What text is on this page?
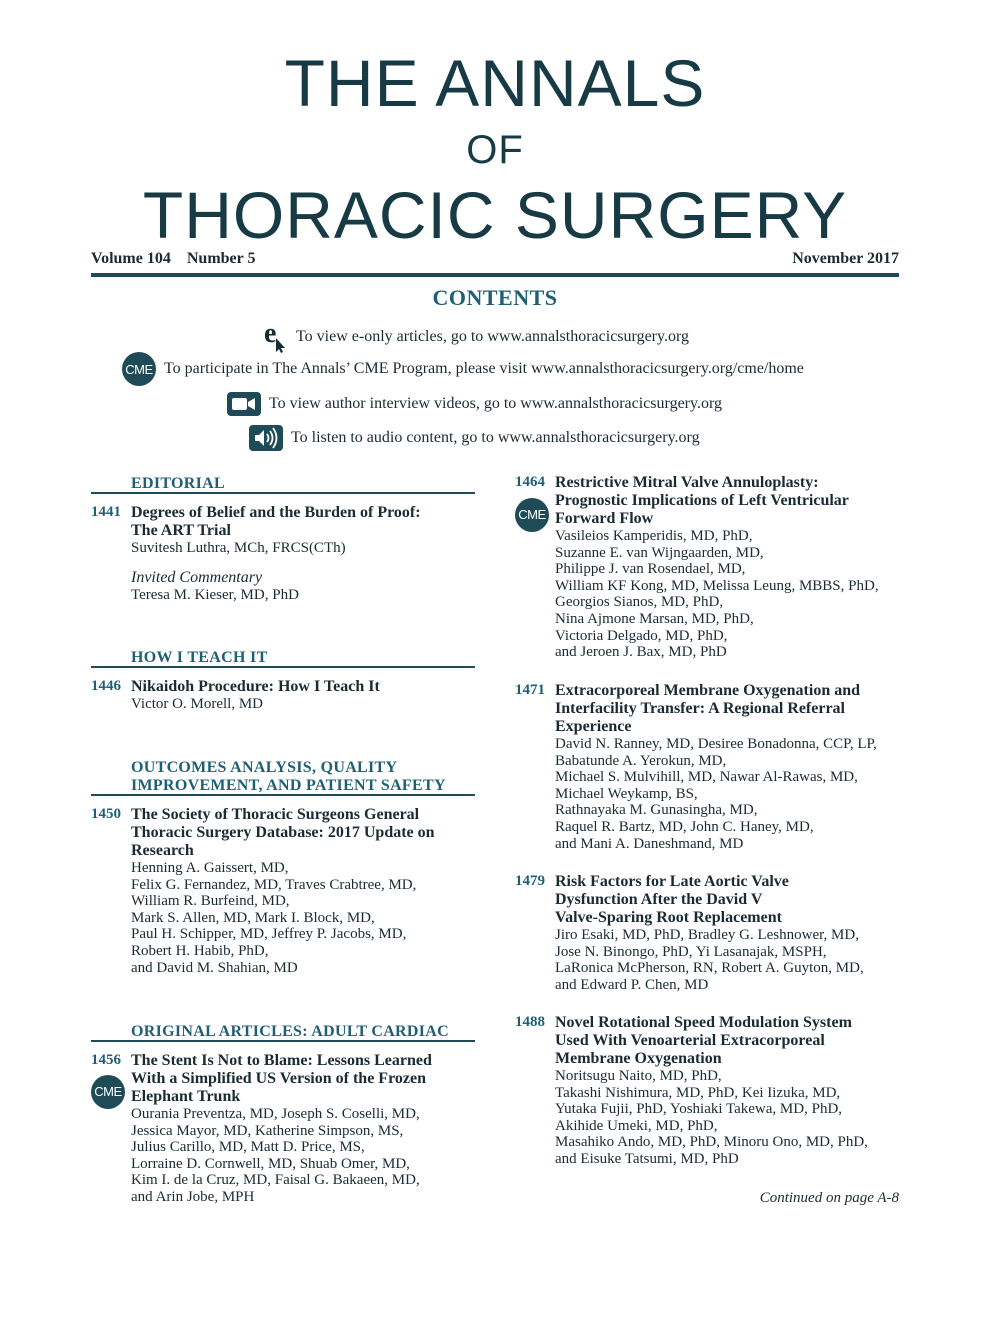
THE ANNALS
OF
THORACIC SURGERY
Volume 104 Number 5	November 2017
CONTENTS
e To view e-only articles, go to www.annalsthoracicsurgery.org
CME To participate in The Annals’ CME Program, please visit www.annalsthoracicsurgery.org/cme/home
To view author interview videos, go to www.annalsthoracicsurgery.org
To listen to audio content, go to www.annalsthoracicsurgery.org
EDITORIAL
1441 Degrees of Belief and the Burden of Proof:
The ART Trial
Suvitesh Luthra, MCh, FRCS(CTh)
Invited Commentary
Teresa M. Kieser, MD, PhD
HOW I TEACH IT
1446 Nikaidoh Procedure: How I Teach It
Victor O. Morell, MD
OUTCOMES ANALYSIS, QUALITY
IMPROVEMENT, AND PATIENT SAFETY
1450 The Society of Thoracic Surgeons General
Thoracic Surgery Database: 2017 Update on
Research
Henning A. Gaissert, MD,
Felix G. Fernandez, MD, Traves Crabtree, MD,
William R. Burfeind, MD,
Mark S. Allen, MD, Mark I. Block, MD,
Paul H. Schipper, MD, Jeffrey P. Jacobs, MD,
Robert H. Habib, PhD,
and David M. Shahian, MD
ORIGINAL ARTICLES: ADULT CARDIAC
1456
CME
The Stent Is Not to Blame: Lessons Learned
With a Simplified US Version of the Frozen
Elephant Trunk
Ourania Preventza, MD, Joseph S. Coselli, MD,
Jessica Mayor, MD, Katherine Simpson, MS,
Julius Carillo, MD, Matt D. Price, MS,
Lorraine D. Cornwell, MD, Shuab Omer, MD,
Kim I. de la Cruz, MD, Faisal G. Bakaeen, MD,
and Arin Jobe, MPH
1464
CME
Restrictive Mitral Valve Annuloplasty:
Prognostic Implications of Left Ventricular
Forward Flow
Vasileios Kamperidis, MD, PhD,
Suzanne E. van Wijngaarden, MD,
Philippe J. van Rosendael, MD,
William KF Kong, MD, Melissa Leung, MBBS, PhD,
Georgios Sianos, MD, PhD,
Nina Ajmone Marsan, MD, PhD,
Victoria Delgado, MD, PhD,
and Jeroen J. Bax, MD, PhD
1471 Extracorporeal Membrane Oxygenation and
Interfacility Transfer: A Regional Referral
Experience
David N. Ranney, MD, Desiree Bonadonna, CCP, LP,
Babatunde A. Yerokun, MD,
Michael S. Mulvihill, MD, Nawar Al-Rawas, MD,
Michael Weykamp, BS,
Rathnayaka M. Gunasingha, MD,
Raquel R. Bartz, MD, John C. Haney, MD,
and Mani A. Daneshmand, MD
1479 Risk Factors for Late Aortic Valve
Dysfunction After the David V
Valve-Sparing Root Replacement
Jiro Esaki, MD, PhD, Bradley G. Leshnower, MD,
Jose N. Binongo, PhD, Yi Lasanajak, MSPH,
LaRonica McPherson, RN, Robert A. Guyton, MD,
and Edward P. Chen, MD
1488 Novel Rotational Speed Modulation System
Used With Venoarterial Extracorporeal
Membrane Oxygenation
Noritsugu Naito, MD, PhD,
Takashi Nishimura, MD, PhD, Kei Iizuka, MD,
Yutaka Fujii, PhD, Yoshiaki Takewa, MD, PhD,
Akihide Umeki, MD, PhD,
Masahiko Ando, MD, PhD, Minoru Ono, MD, PhD,
and Eisuke Tatsumi, MD, PhD
Continued on page A-8
